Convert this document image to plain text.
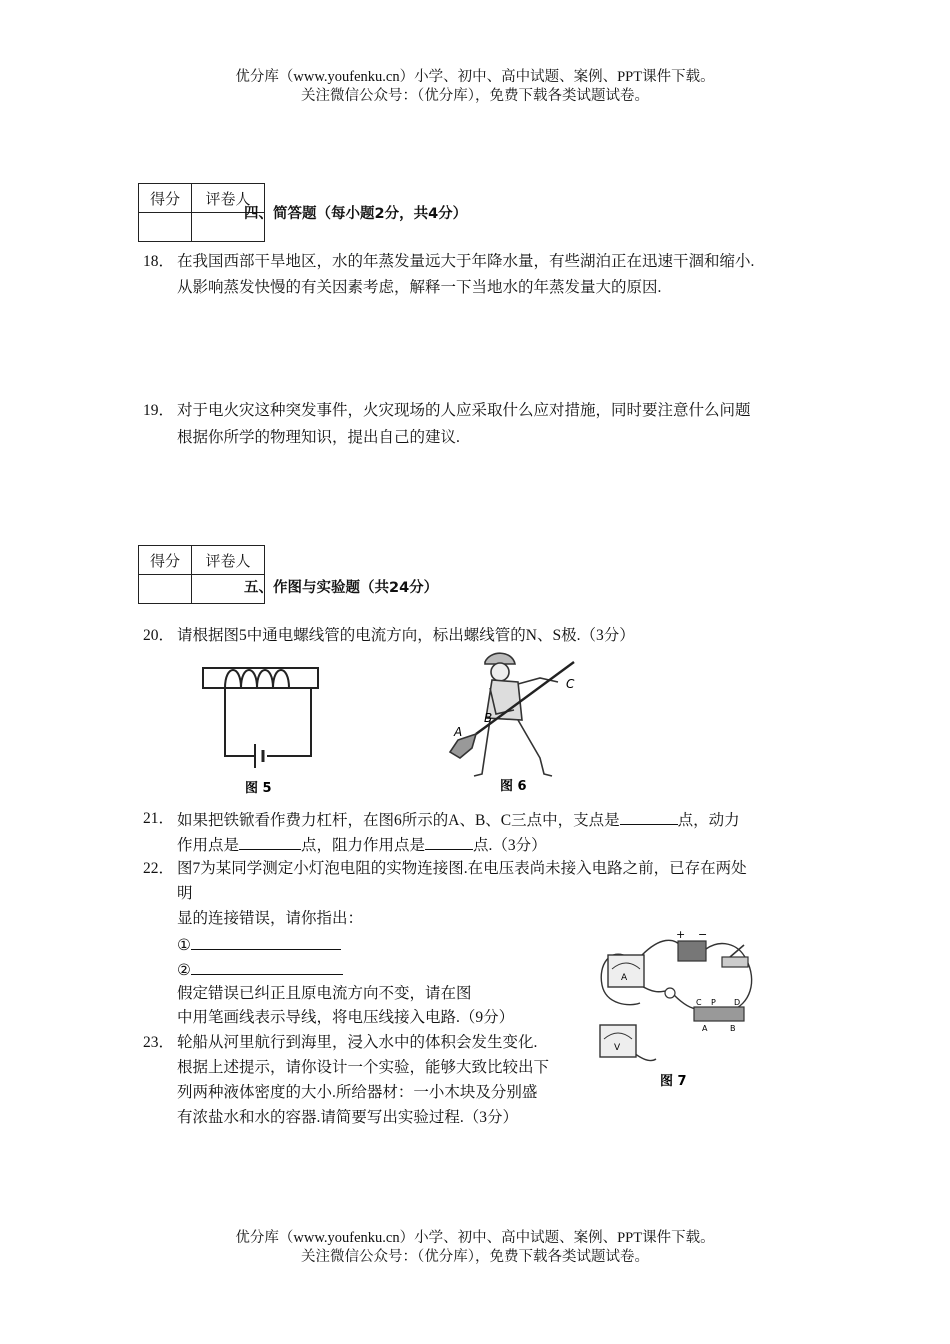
优分库（www.youfenku.cn）小学、初中、高中试题、案例、PPT课件下载。
关注微信公众号：（优分库），免费下载各类试题试卷。
得分	评卷人

四、简答题（每小题2分，共4分）
18． 在我国西部干旱地区，水的年蒸发量远大于年降水量，有些湖泊正在迅速干涸和缩小.
从影响蒸发快慢的有关因素考虑，解释一下当地水的年蒸发量大的原因.
19． 对于电火灾这种突发事件，火灾现场的人应采取什么应对措施，同时要注意什么问题
根据你所学的物理知识，提出自己的建议.
得分	评卷人

五、作图与实验题（共24分）
20． 请根据图5中通电螺线管的电流方向，标出螺线管的N、S极.（3分）
图 5
C
B
A
图 6
21． 如果把铁锨看作费力杠杆，在图6所示的A、B、C三点中，支点是	点，动力
作用点是	点，阻力作用点是	点.（3分）
22． 图7为某同学测定小灯泡电阻的实物连接图.在电压表尚未接入电路之前，已存在两处
明
显的连接错误，请你指出：
①
②
假定错误已纠正且原电流方向不变，请在图
中用笔画线表示导线，将电压线接入电路.（9分）
A
+ −
C P D
A	B
V
图 7
23． 轮船从河里航行到海里，浸入水中的体积会发生变化.
根据上述提示，请你设计一个实验，能够大致比较出下
列两种液体密度的大小.所给器材：一小木块及分别盛
有浓盐水和水的容器.请简要写出实验过程.（3分）
优分库（www.youfenku.cn）小学、初中、高中试题、案例、PPT课件下载。
关注微信公众号：（优分库），免费下载各类试题试卷。
